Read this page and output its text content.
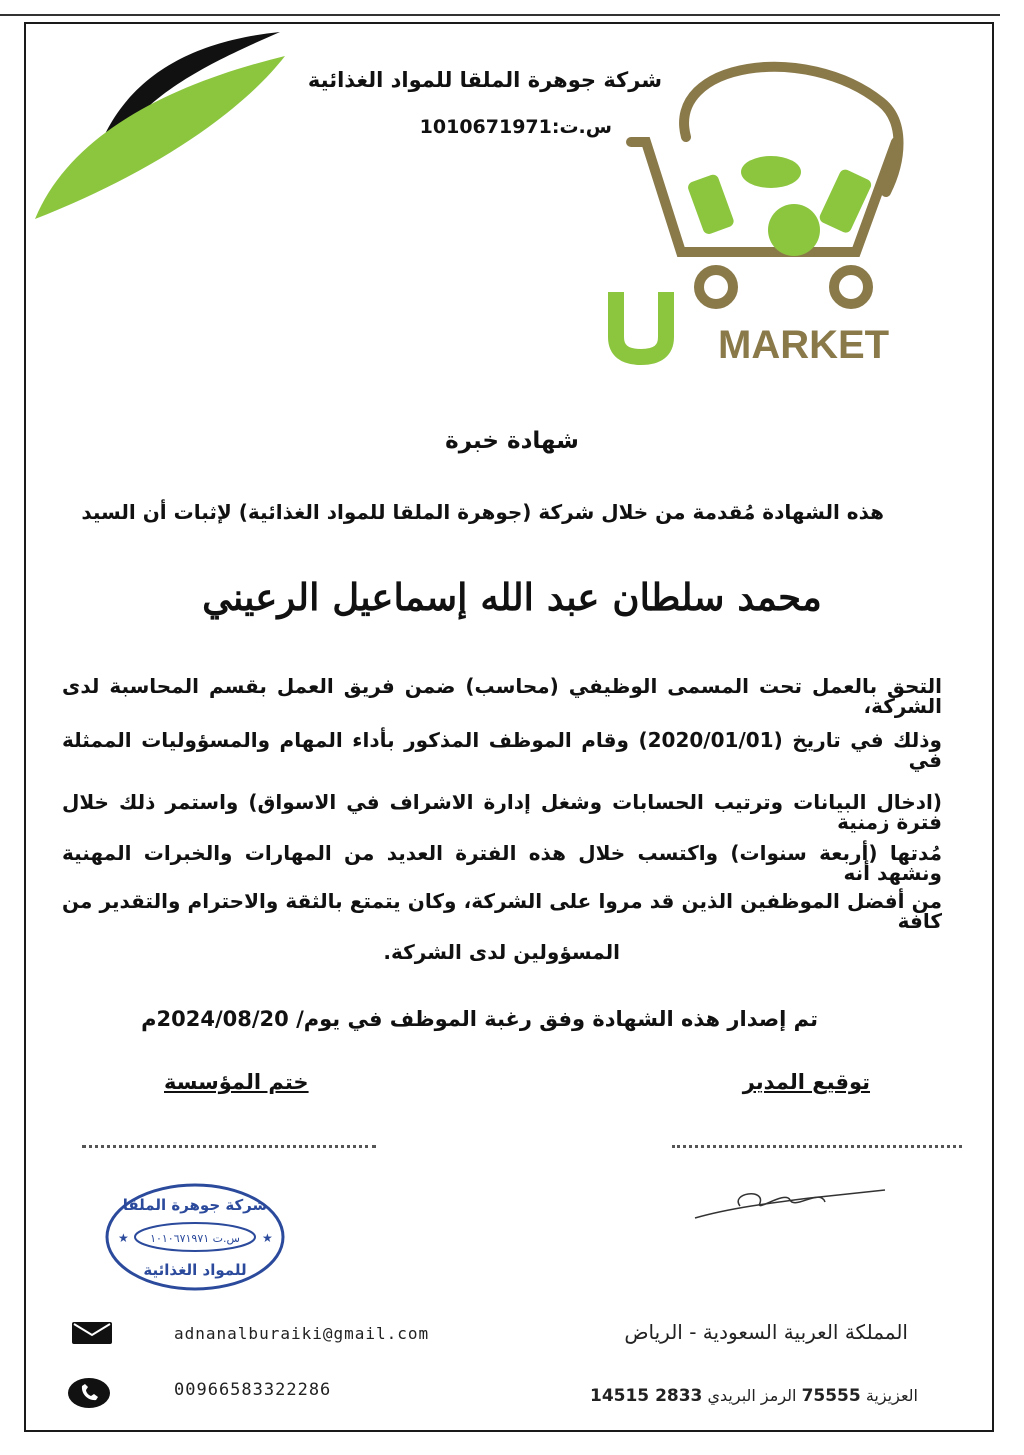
شركة جوهرة الملقا للمواد الغذائية
س.ت:1010671971
MARKET
شهادة خبرة
هذه الشهادة مُقدمة من خلال شركة (جوهرة الملقا للمواد الغذائية) لإثبات أن السيد
محمد سلطان عبد الله إسماعيل الرعيني
التحق بالعمل تحت المسمى الوظيفي (محاسب) ضمن فريق العمل بقسم المحاسبة لدى الشركة،
وذلك في تاريخ (2020/01/01) وقام الموظف المذكور بأداء المهام والمسؤوليات الممثلة في
(ادخال البيانات وترتيب الحسابات وشغل إدارة الاشراف في الاسواق) واستمر ذلك خلال فترة زمنية
مُدتها (أربعة سنوات) واكتسب خلال هذه الفترة العديد من المهارات والخبرات المهنية ونشهد أنه
من أفضل الموظفين الذين قد مروا على الشركة، وكان يتمتع بالثقة والاحترام والتقدير من كافة
المسؤولين لدى الشركة.
تم إصدار هذه الشهادة وفق رغبة الموظف في يوم/ 2024/08/20م
توقيع المدير
ختم المؤسسة
شركة جوهرة الملقا
س.ت ١٠١٠٦٧١٩٧١
للمواد الغذائية
★	★
adnanalburaiki@gmail.com	المملكة العربية السعودية - الرياض
00966583322286	العزيزية 75555 الرمز البريدي 2833 14515
